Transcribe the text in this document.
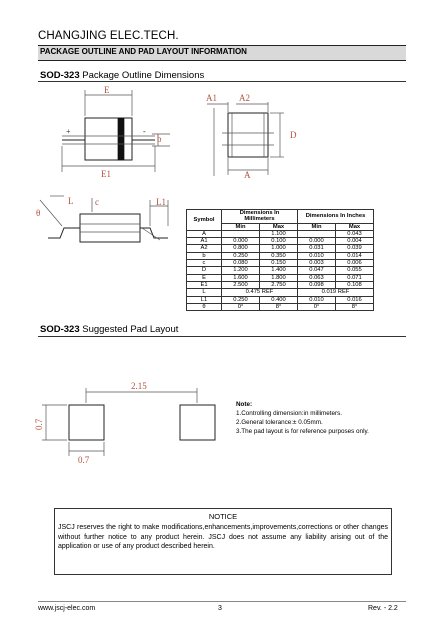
CHANGJING ELEC.TECH.
PACKAGE OUTLINE AND PAD LAYOUT INFORMATION
SOD-323 Package Outline Dimensions
E
E1
A1 A2
A
b	D
L1
θ
L c
+	-
Symbol	Dimensions In Millimeters		Dimensions In Inches	
	Min	Max	Min	Max
A		1.100		0.043
A1	0.000	0.100	0.000	0.004
A2	0.800	1.000	0.031	0.039
b	0.250	0.350	0.010	0.014
c	0.080	0.150	0.003	0.006
D	1.200	1.400	0.047	0.055
E	1.600	1.800	0.063	0.071
E1	2.500	2.750	0.098	0.108
L	0.475 REF		0.019 REF	
L1	0.250	0.400	0.010	0.016
θ	0°	8°	0°	8°
SOD-323 Suggested Pad Layout
2.15
0.7
0.7
Note:
1.Controlling dimension:in millimeters.
2.General tolerance:± 0.05mm.
3.The pad layout is for reference purposes only.
NOTICE
JSCJ reserves the right to make modifications,enhancements,improvements,corrections or other changes without further notice to any product herein. JSCJ does not assume any liability arising out of the application or use of any product described herein.
www.jscj-elec.com	3	Rev. - 2.2
